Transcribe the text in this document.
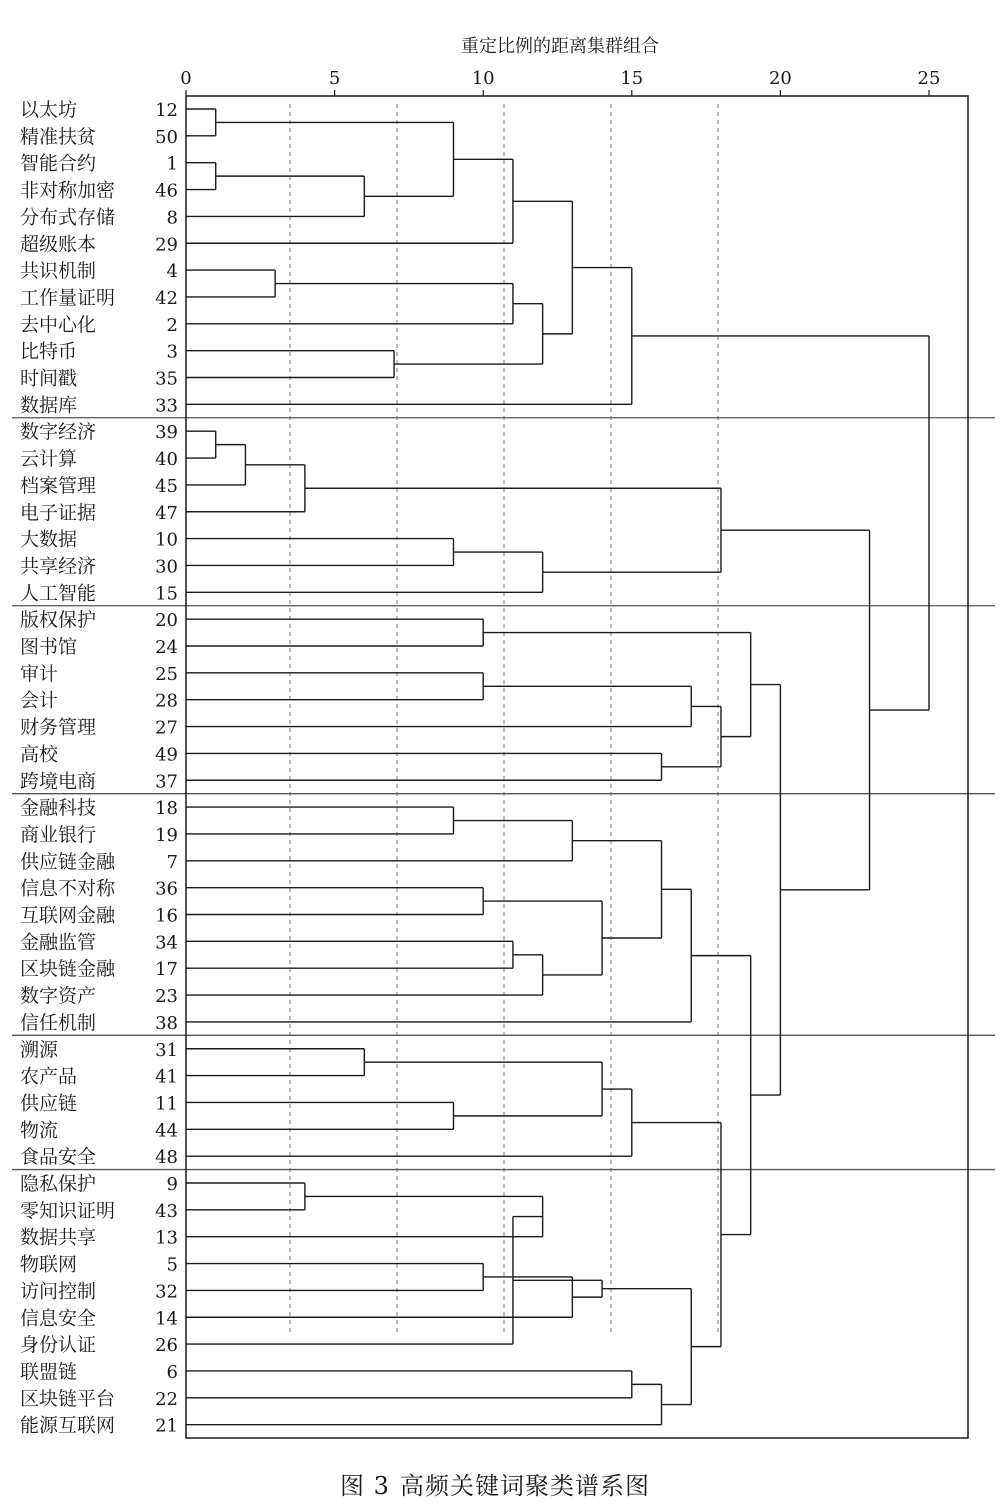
0	5	10	15	20	25
以太坊	12
精准扶贫	50
智能合约	1
非对称加密 46
分布式存储	8
超级账本	29
共识机制	4
工作量证明 42
去中心化	2
比特币	3
时间戳	35
数据库	33
数字经济	39
云计算	40
档案管理	45
电子证据	47
大数据	10
共享经济	30
人工智能	15
版权保护	20
图书馆	24
审计	25
会计	28
财务管理	27
高校	49
跨境电商	37
金融科技	18
商业银行	19
供应链金融	7
信息不对称 36
互联网金融 16
金融监管	34
区块链金融 17
数字资产	23
信任机制	38
溯源	31
农产品	41
供应链	11
物流	44
食品安全	48
隐私保护	9
零知识证明 43
数据共享	13
物联网	5
访问控制	32
信息安全	14
身份认证	26
联盟链	6
区块链平台 22
能源互联网 21
重定比例的距离集群组合
图 3 高频关键词聚类谱系图
